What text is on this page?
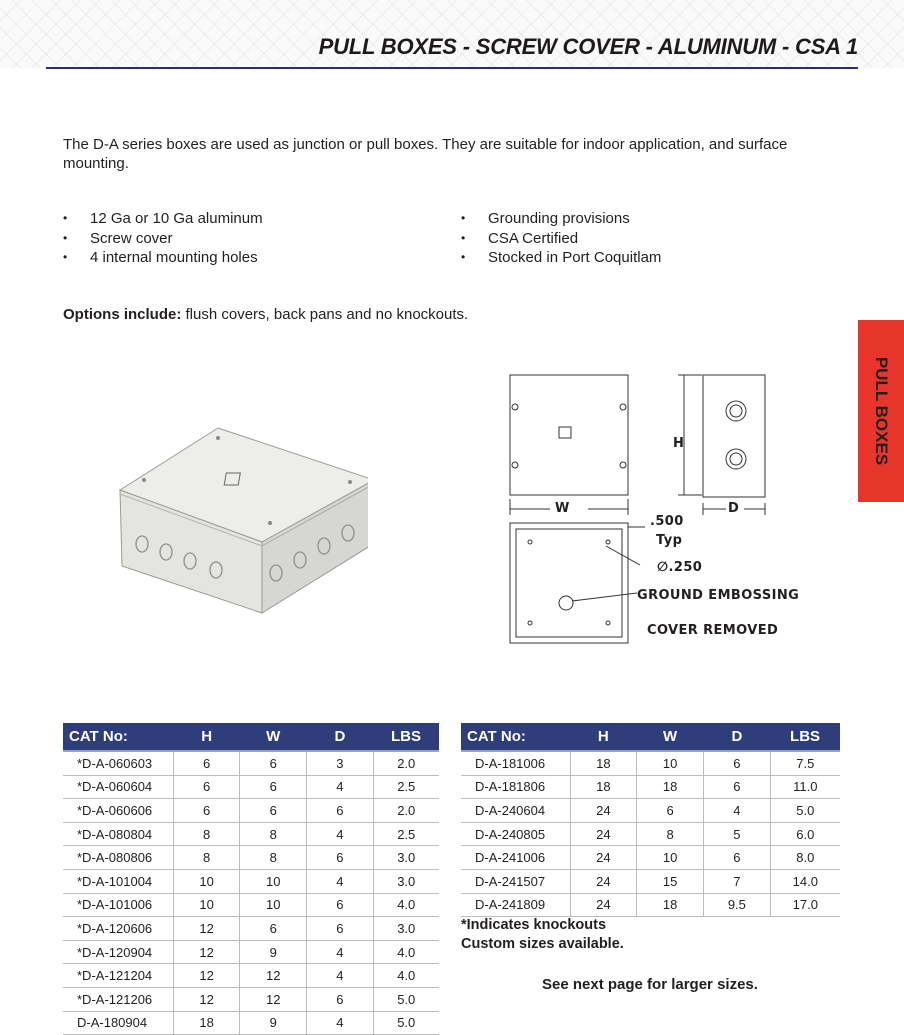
PULL BOXES - SCREW COVER - ALUMINUM - CSA 1

The D-A series boxes are used as junction or pull boxes. They are suitable for indoor application, and surface mounting.

• 12 Ga or 10 Ga aluminum
• Screw cover
• 4 internal mounting holes
• Grounding provisions
• CSA Certified
• Stocked in Port Coquitlam

Options include: flush covers, back pans and no knockouts.

PULL BOXES
H
W	D
.500
Typ
∅.250
GROUND EMBOSSING
COVER REMOVED
CAT No:	H	W	D	LBS
*D-A-060603	6	6	3	2.0
*D-A-060604	6	6	4	2.5
*D-A-060606	6	6	6	2.0
*D-A-080804	8	8	4	2.5
*D-A-080806	8	8	6	3.0
*D-A-101004	10	10	4	3.0
*D-A-101006	10	10	6	4.0
*D-A-120606	12	6	6	3.0
*D-A-120904	12	9	4	4.0
*D-A-121204	12	12	4	4.0
*D-A-121206	12	12	6	5.0
D-A-180904	18	9	4	5.0
CAT No:	H	W	D	LBS
D-A-181006	18	10	6	7.5
D-A-181806	18	18	6	11.0
D-A-240604	24	6	4	5.0
D-A-240805	24	8	5	6.0
D-A-241006	24	10	6	8.0
D-A-241507	24	15	7	14.0
D-A-241809	24	18	9.5	17.0

*Indicates knockouts
Custom sizes available.

See next page for larger sizes.
